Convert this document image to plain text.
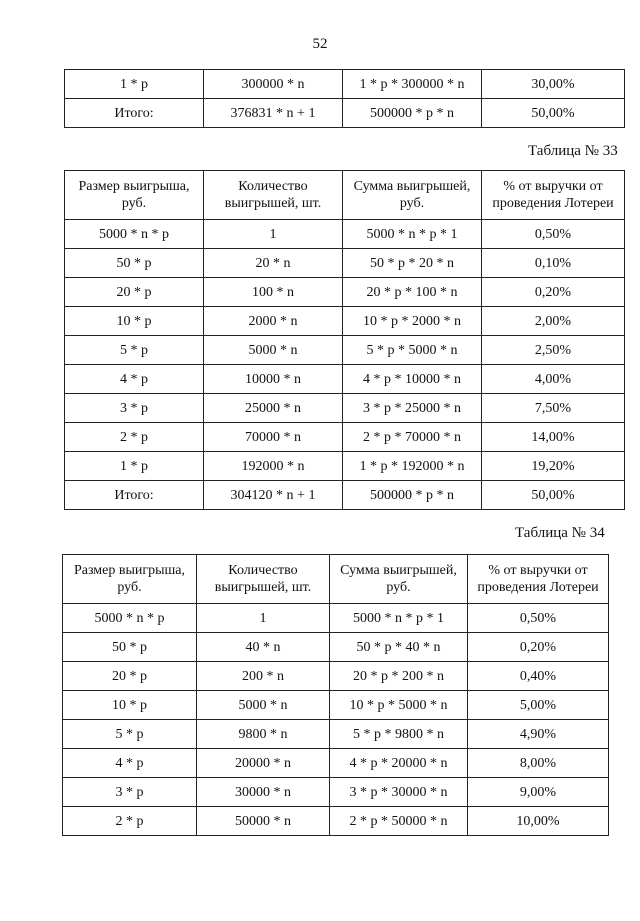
52
1 * p	300000 * n	1 * p * 300000 * n	30,00%
Итого:	376831 * n + 1	500000 * p * n	50,00%
Таблица № 33
Размер выигрыша, руб.	Количество выигрышей, шт.	Сумма выигрышей, руб.	% от выручки от проведения Лотереи
5000 * n * p	1	5000 * n * p * 1	0,50%
50 * p	20 * n	50 * p * 20 * n	0,10%
20 * p	100 * n	20 * p * 100 * n	0,20%
10 * p	2000 * n	10 * p * 2000 * n	2,00%
5 * p	5000 * n	5 * p * 5000 * n	2,50%
4 * p	10000 * n	4 * p * 10000 * n	4,00%
3 * p	25000 * n	3 * p * 25000 * n	7,50%
2 * p	70000 * n	2 * p * 70000 * n	14,00%
1 * p	192000 * n	1 * p * 192000 * n	19,20%
Итого:	304120 * n + 1	500000 * p * n	50,00%
Таблица № 34
Размер выигрыша, руб.	Количество выигрышей, шт.	Сумма выигрышей, руб.	% от выручки от проведения Лотереи
5000 * n * p	1	5000 * n * p * 1	0,50%
50 * p	40 * n	50 * p * 40 * n	0,20%
20 * p	200 * n	20 * p * 200 * n	0,40%
10 * p	5000 * n	10 * p * 5000 * n	5,00%
5 * p	9800 * n	5 * p * 9800 * n	4,90%
4 * p	20000 * n	4 * p * 20000 * n	8,00%
3 * p	30000 * n	3 * p * 30000 * n	9,00%
2 * p	50000 * n	2 * p * 50000 * n	10,00%
